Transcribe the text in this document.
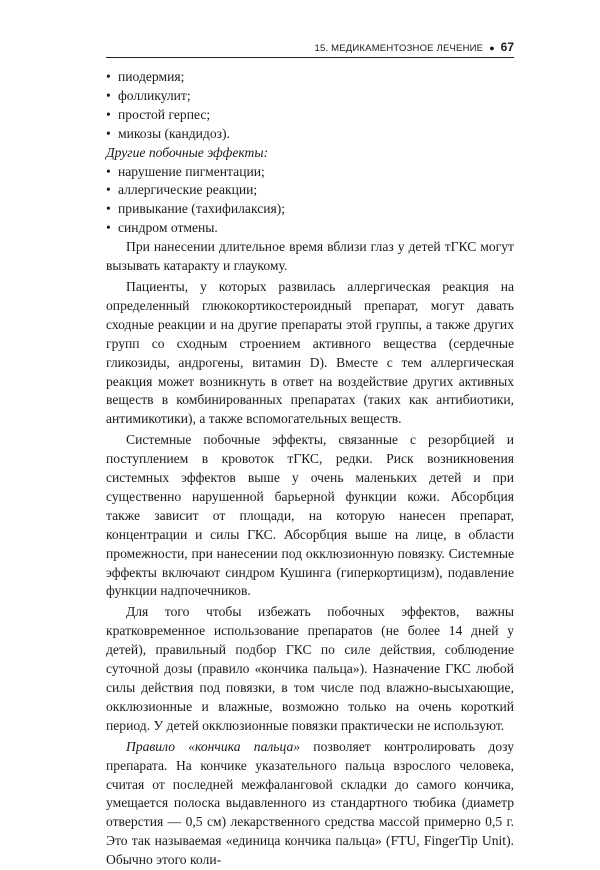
15. МЕДИКАМЕНТОЗНОЕ ЛЕЧЕНИЕ ● 67
• пиодермия;
• фолликулит;
• простой герпес;
• микозы (кандидоз).
Другие побочные эффекты:
• нарушение пигментации;
• аллергические реакции;
• привыкание (тахифилаксия);
• синдром отмены.

При нанесении длительное время вблизи глаз у детей тГКС могут вызывать катаракту и глаукому.

Пациенты, у которых развилась аллергическая реакция на определенный глюкокортикостероидный препарат, могут давать сходные реакции и на другие препараты этой группы, а также других групп со сходным строением активного вещества (сердечные гликозиды, андрогены, витамин D). Вместе с тем аллергическая реакция может возникнуть в ответ на воздействие других активных веществ в комбинированных препаратах (таких как антибиотики, антимикотики), а также вспомогательных веществ.

Системные побочные эффекты, связанные с резорбцией и поступлением в кровоток тГКС, редки. Риск возникновения системных эффектов выше у очень маленьких детей и при существенно нарушенной барьерной функции кожи. Абсорбция также зависит от площади, на которую нанесен препарат, концентрации и силы ГКС. Абсорбция выше на лице, в области промежности, при нанесении под окклюзионную повязку. Системные эффекты включают синдром Кушинга (гиперкортицизм), подавление функции надпочечников.

Для того чтобы избежать побочных эффектов, важны кратковременное использование препаратов (не более 14 дней у детей), правильный подбор ГКС по силе действия, соблюдение суточной дозы (правило «кончика пальца»). Назначение ГКС любой силы действия под повязки, в том числе под влажно-высыхающие, окклюзионные и влажные, возможно только на очень короткий период. У детей окклюзионные повязки практически не используют.

Правило «кончика пальца» позволяет контролировать дозу препарата. На кончике указательного пальца взрослого человека, считая от последней межфаланговой складки до самого кончика, умещается полоска выдавленного из стандартного тюбика (диаметр отверстия — 0,5 см) лекарственного средства массой примерно 0,5 г. Это так называемая «единица кончика пальца» (FTU, FingerTip Unit). Обычно этого коли-
